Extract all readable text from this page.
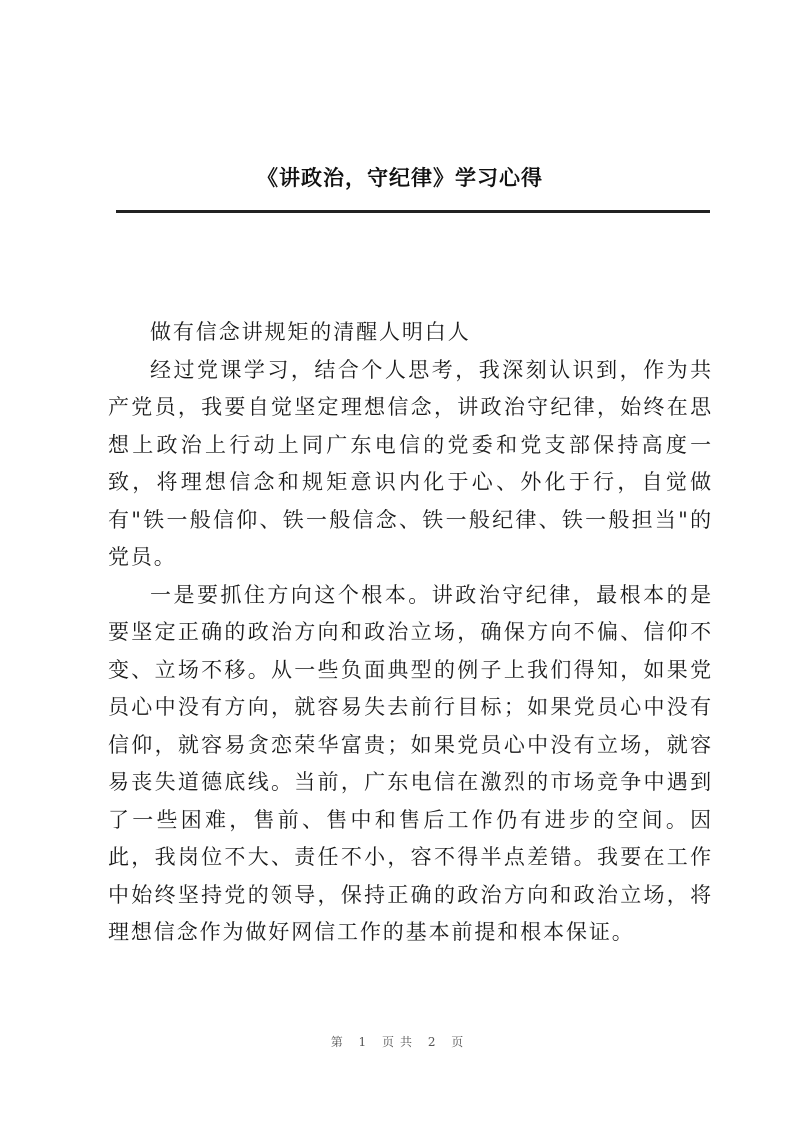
《讲政治，守纪律》学习心得

做有信念讲规矩的清醒人明白人

经过党课学习，结合个人思考，我深刻认识到，作为共产党员，我要自觉坚定理想信念，讲政治守纪律，始终在思想上政治上行动上同广东电信的党委和党支部保持高度一致，将理想信念和规矩意识内化于心、外化于行，自觉做有"铁一般信仰、铁一般信念、铁一般纪律、铁一般担当"的党员。

一是要抓住方向这个根本。讲政治守纪律，最根本的是要坚定正确的政治方向和政治立场，确保方向不偏、信仰不变、立场不移。从一些负面典型的例子上我们得知，如果党员心中没有方向，就容易失去前行目标；如果党员心中没有信仰，就容易贪恋荣华富贵；如果党员心中没有立场，就容易丧失道德底线。当前，广东电信在激烈的市场竞争中遇到了一些困难，售前、售中和售后工作仍有进步的空间。因此，我岗位不大、责任不小，容不得半点差错。我要在工作中始终坚持党的领导，保持正确的政治方向和政治立场，将理想信念作为做好网信工作的基本前提和根本保证。

第 1 页共 2 页
